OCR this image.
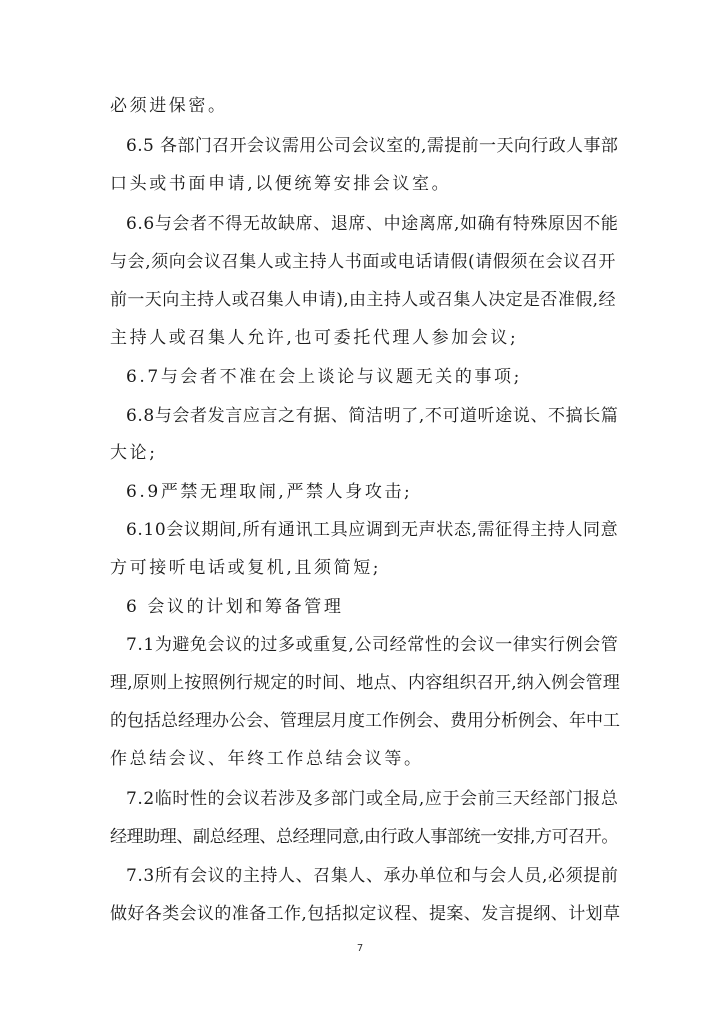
必须进保密。
6.5 各部门召开会议需用公司会议室的,需提前一天向行政人事部
口头或书面申请,以便统筹安排会议室。
6.6与会者不得无故缺席、退席、中途离席,如确有特殊原因不能
与会,须向会议召集人或主持人书面或电话请假(请假须在会议召开
前一天向主持人或召集人申请),由主持人或召集人决定是否准假,经
主持人或召集人允许,也可委托代理人参加会议;
6.7与会者不准在会上谈论与议题无关的事项;
6.8与会者发言应言之有据、简洁明了,不可道听途说、不搞长篇
大论;
6.9严禁无理取闹,严禁人身攻击;
6.10会议期间,所有通讯工具应调到无声状态,需征得主持人同意
方可接听电话或复机,且须简短;
6 会议的计划和筹备管理
7.1为避免会议的过多或重复,公司经常性的会议一律实行例会管
理,原则上按照例行规定的时间、地点、内容组织召开,纳入例会管理
的包括总经理办公会、管理层月度工作例会、费用分析例会、年中工
作总结会议、年终工作总结会议等。
7.2临时性的会议若涉及多部门或全局,应于会前三天经部门报总
经理助理、副总经理、总经理同意,由行政人事部统一安排,方可召开。
7.3所有会议的主持人、召集人、承办单位和与会人员,必须提前
做好各类会议的准备工作,包括拟定议程、提案、发言提纲、计划草
7
